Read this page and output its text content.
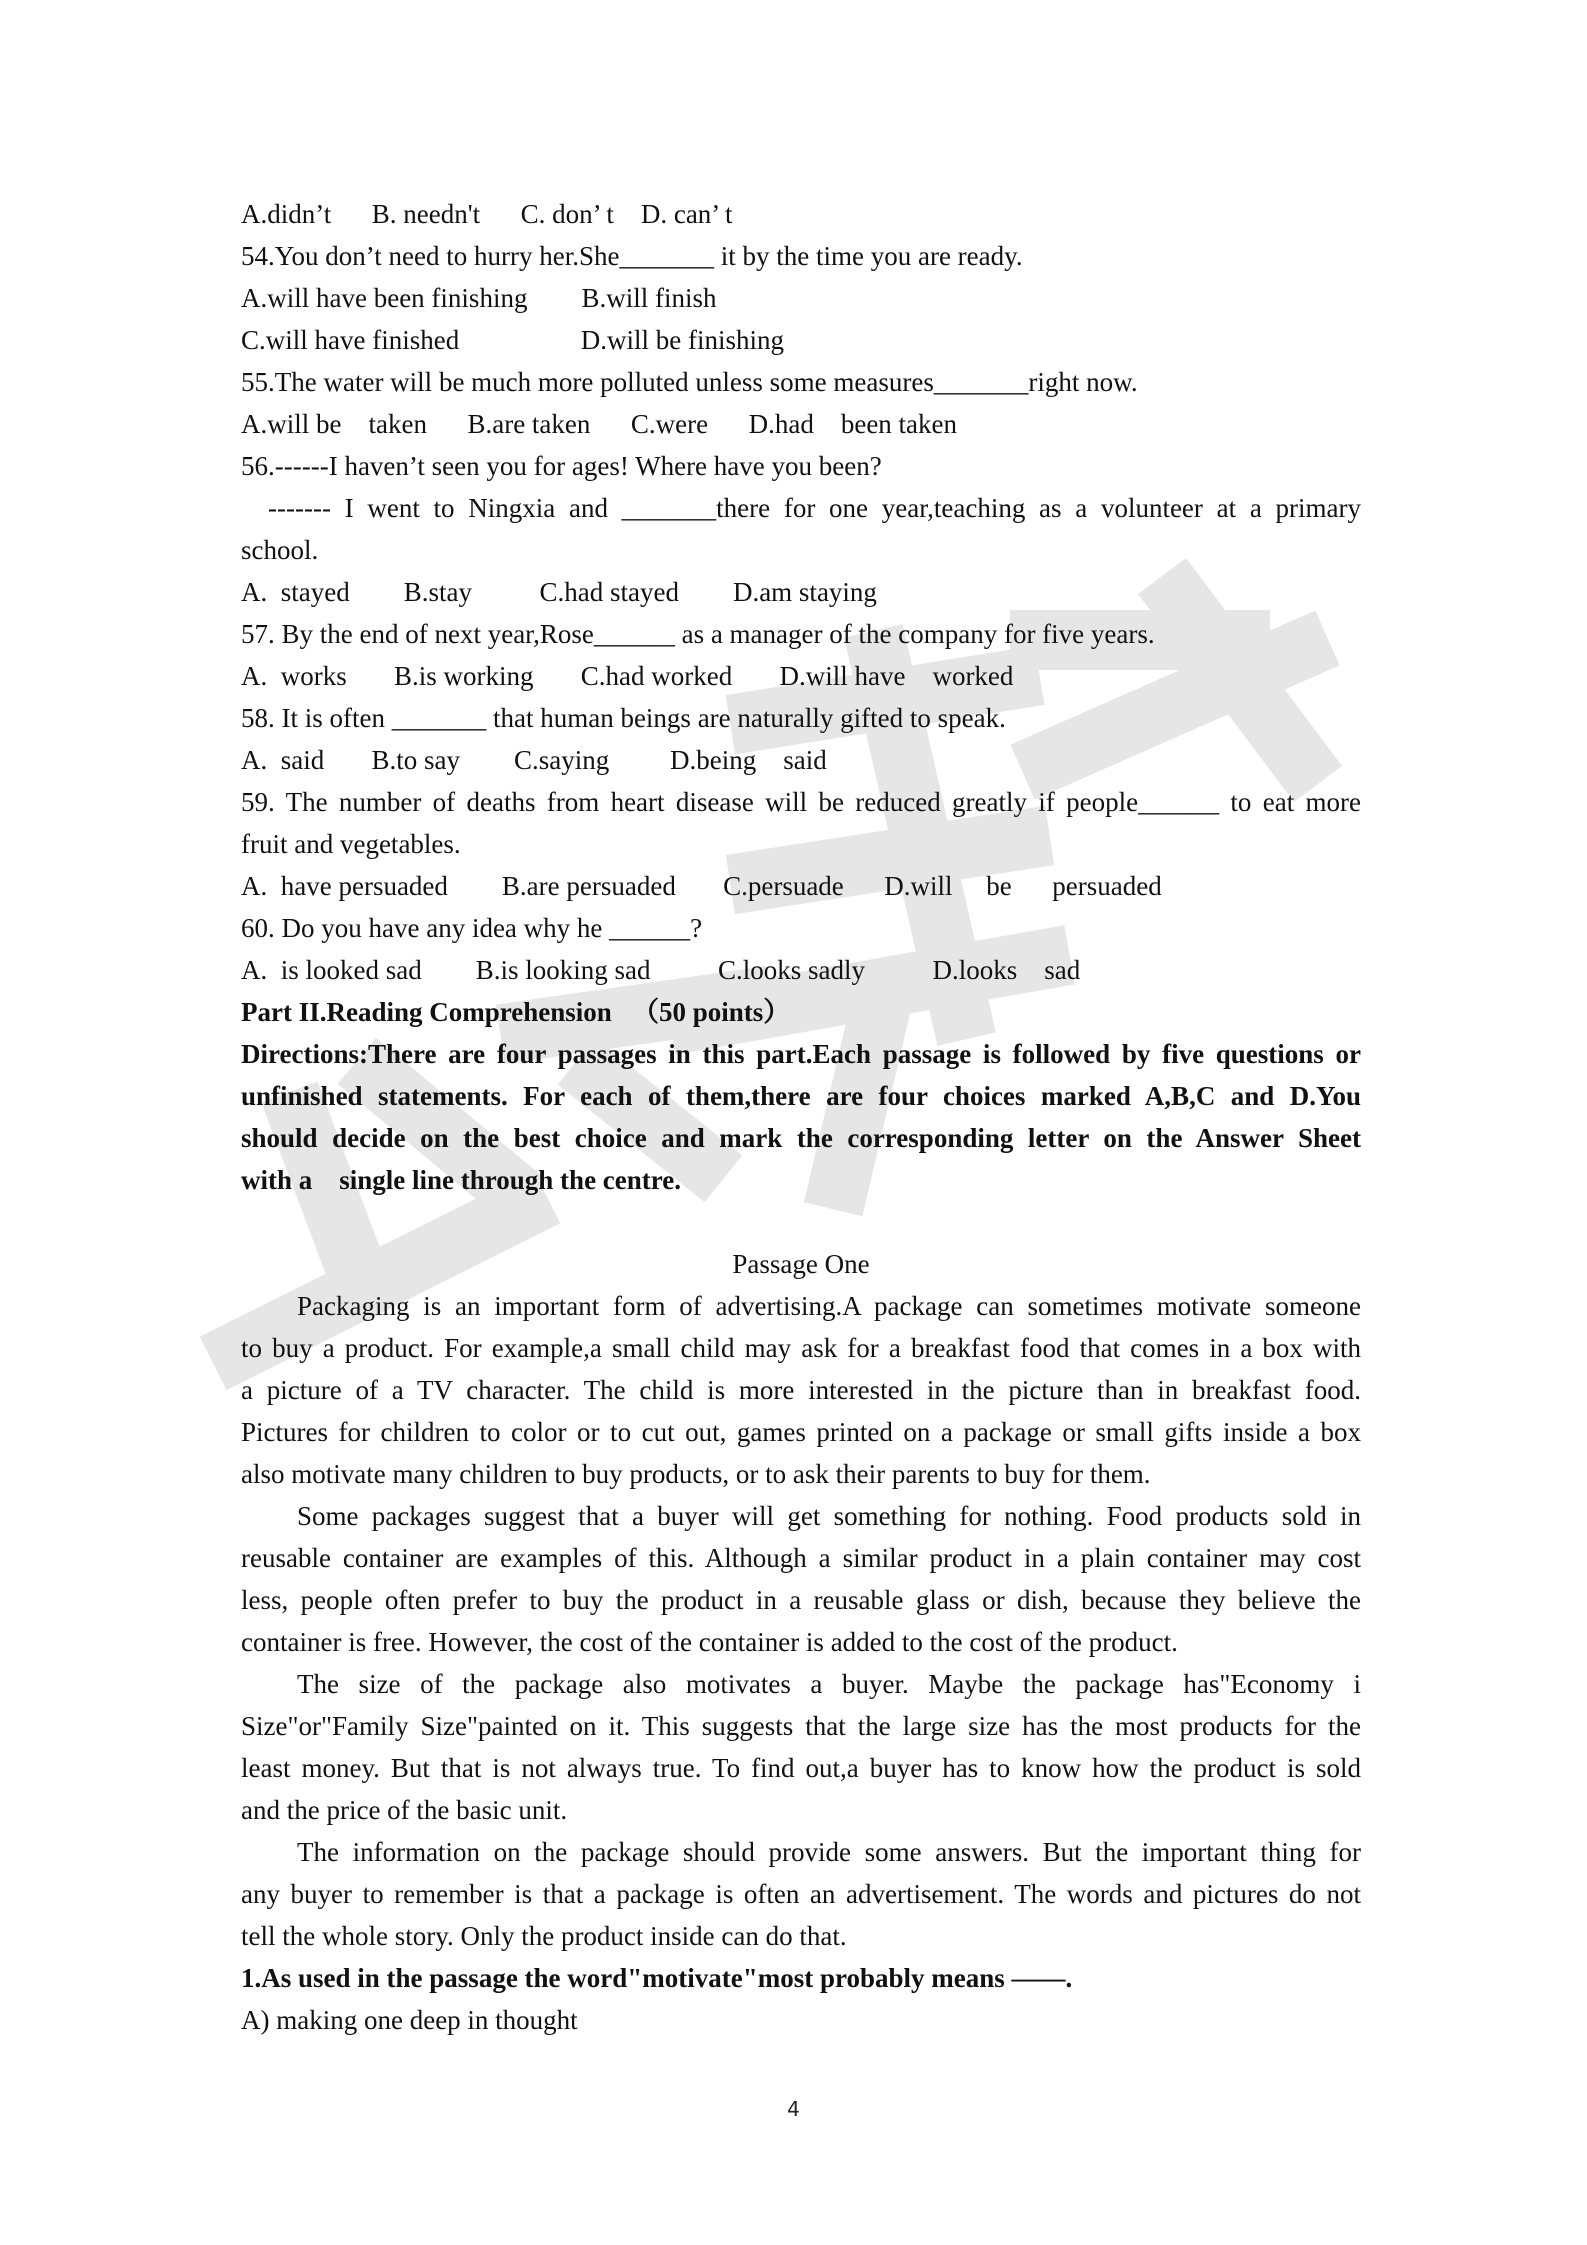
A.didn’t      B. needn't      C. don’ t    D. can’ t
54.You don’t need to hurry her.She_______ it by the time you are ready.
A.will have been finishing        B.will finish
C.will have finished                  D.will be finishing
55.The water will be much more polluted unless some measures_______right now.
A.will be    taken      B.are taken      C.were      D.had    been taken
56.------I haven’t seen you for ages! Where have you been?
------- I went to Ningxia and _______there for one year,teaching as a volunteer at a primary
school.
A.  stayed        B.stay          C.had stayed        D.am staying
57. By the end of next year,Rose______ as a manager of the company for five years.
A.  works       B.is working       C.had worked       D.will have    worked
58. It is often _______ that human beings are naturally gifted to speak.
A.  said       B.to say        C.saying         D.being    said
59. The number of deaths from heart disease will be reduced greatly if people______ to eat more
fruit and vegetables.
A.  have persuaded        B.are persuaded       C.persuade      D.will     be      persuaded
60. Do you have any idea why he ______?
A.  is looked sad        B.is looking sad          C.looks sadly          D.looks    sad
Part II.Reading Comprehension   （50 points）
Directions:There are four passages in this part.Each passage is followed by five questions or
unfinished statements. For each of them,there are four choices marked A,B,C and D.You
should decide on the best choice and mark the corresponding letter on the Answer Sheet
with a    single line through the centre.
Passage One
Packaging is an important form of advertising.A package can sometimes motivate someone
to buy a product. For example,a small child may ask for a breakfast food that comes in a box with
a picture of a TV character. The child is more interested in the picture than in breakfast food.
Pictures for children to color or to cut out, games printed on a package or small gifts inside a box
also motivate many children to buy products, or to ask their parents to buy for them.
Some packages suggest that a buyer will get something for nothing. Food products sold in
reusable container are examples of this. Although a similar product in a plain container may cost
less, people often prefer to buy the product in a reusable glass or dish, because they believe the
container is free. However, the cost of the container is added to the cost of the product.
The size of the package also motivates a buyer. Maybe the package has"Economy i
Size"or"Family Size"painted on it. This suggests that the large size has the most products for the
least money. But that is not always true. To find out,a buyer has to know how the product is sold
and the price of the basic unit.
The information on the package should provide some answers. But the important thing for
any buyer to remember is that a package is often an advertisement. The words and pictures do not
tell the whole story. Only the product inside can do that.
1.As used in the passage the word"motivate"most probably means ——.
A) making one deep in thought
4
